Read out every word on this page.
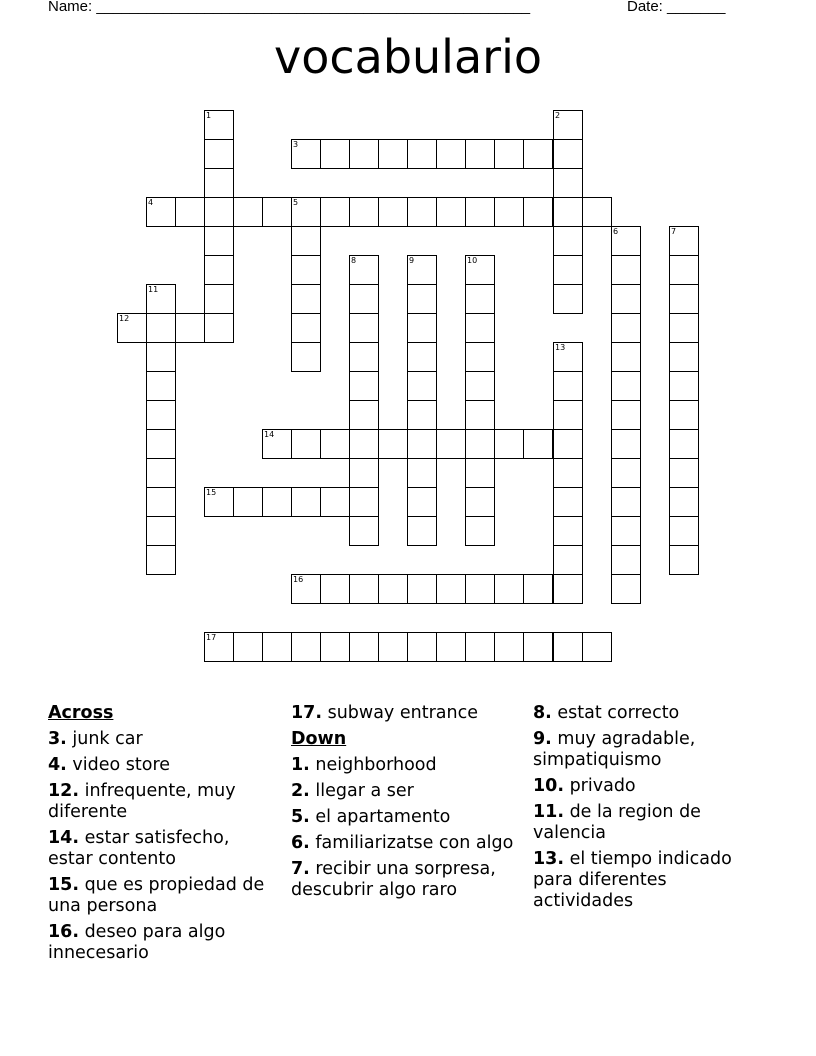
Name: ____________________________________________________	Date: _______
vocabulario
1	2
3
4	5
6	7
8	9	10
11
12
13
14
15
16
17
Across
3. junk car
4. video store
12. infrequente, muy diferente
14. estar satisfecho, estar contento
15. que es propiedad de una persona
16. deseo para algo innecesario
17. subway entrance
Down
1. neighborhood
2. llegar a ser
5. el apartamento
6. familiarizatse con algo
7. recibir una sorpresa, descubrir algo raro
8. estat correcto
9. muy agradable, simpatiquismo
10. privado
11. de la region de valencia
13. el tiempo indicado para diferentes actividades
